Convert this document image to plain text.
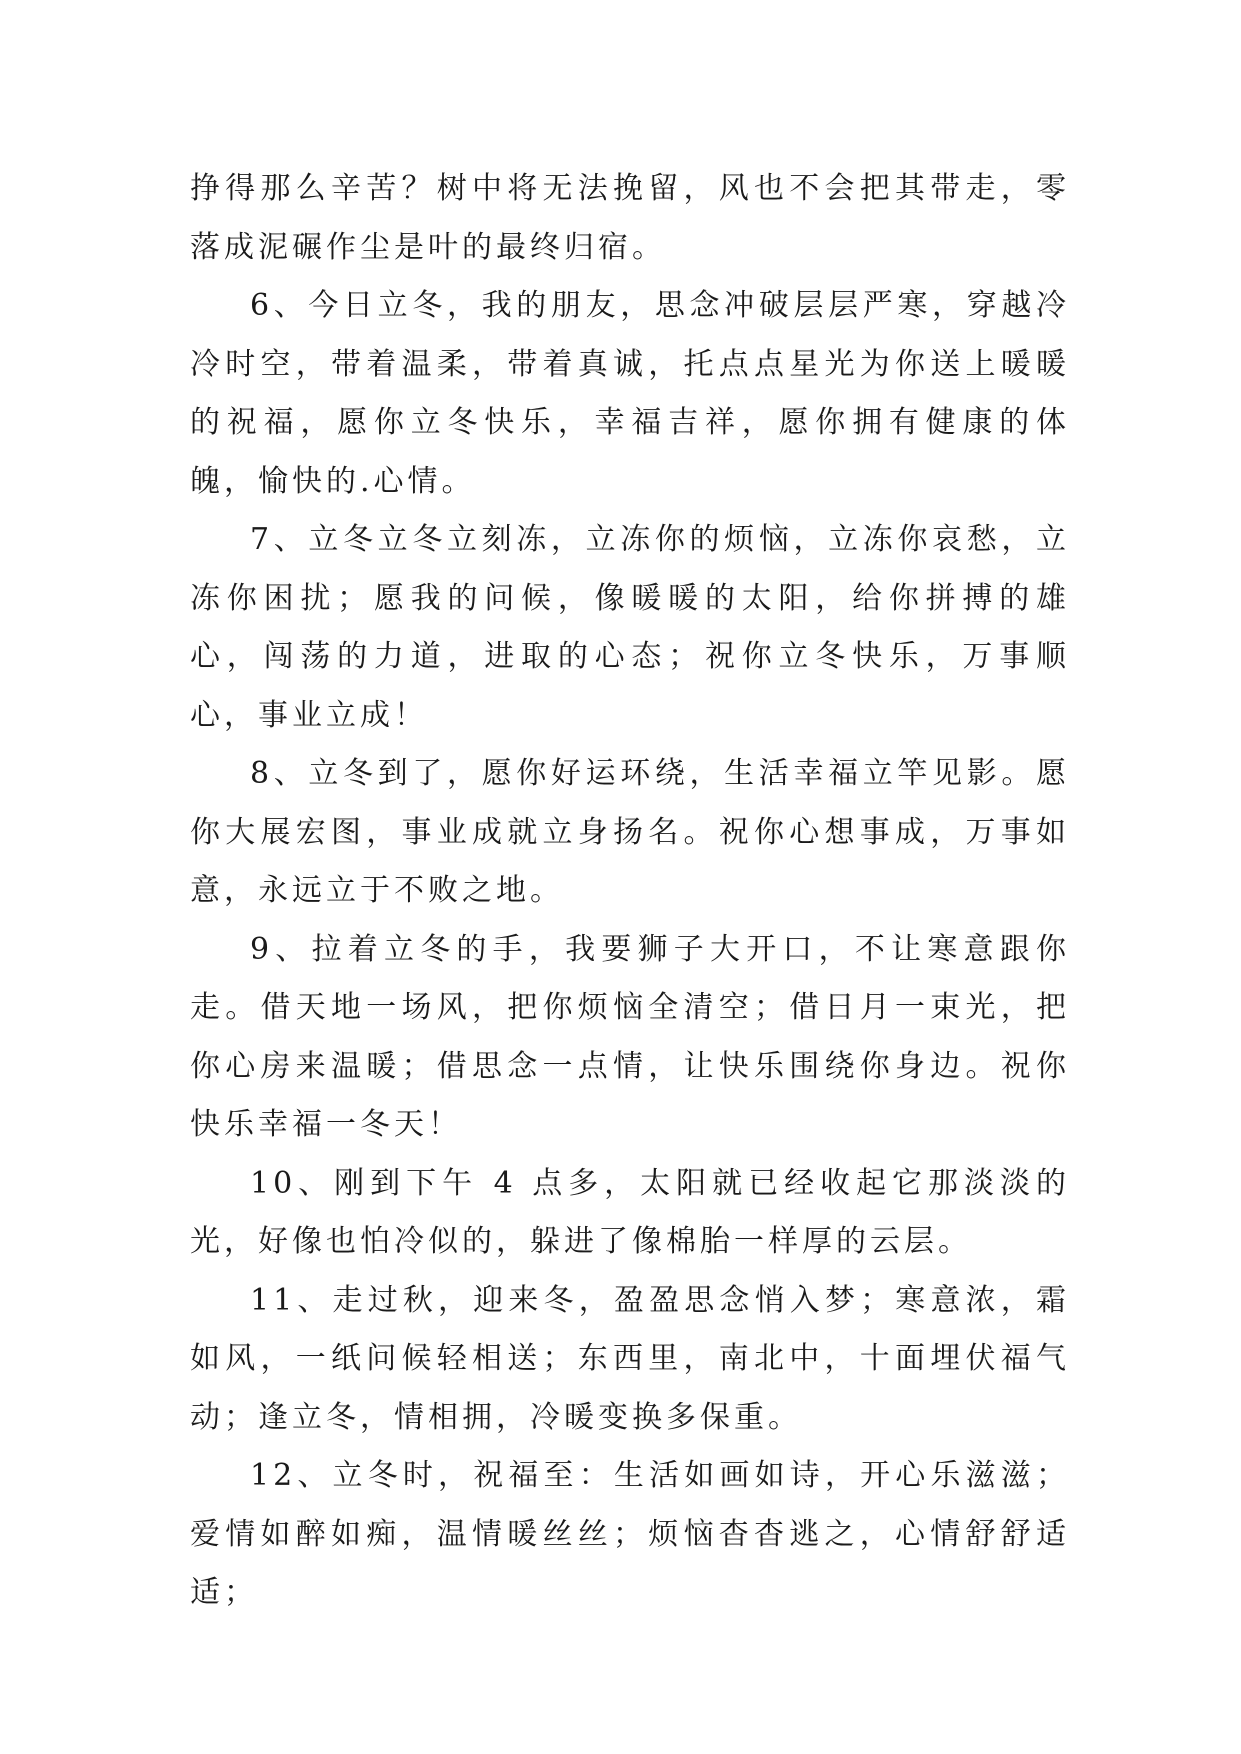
挣得那么辛苦？树中将无法挽留，风也不会把其带走，零落成泥碾作尘是叶的最终归宿。

6、今日立冬，我的朋友，思念冲破层层严寒，穿越冷冷时空，带着温柔，带着真诚，托点点星光为你送上暖暖的祝福，愿你立冬快乐，幸福吉祥，愿你拥有健康的体魄，愉快的.心情。

7、立冬立冬立刻冻，立冻你的烦恼，立冻你哀愁，立冻你困扰；愿我的问候，像暖暖的太阳，给你拼搏的雄心，闯荡的力道，进取的心态；祝你立冬快乐，万事顺心，事业立成！

8、立冬到了，愿你好运环绕，生活幸福立竿见影。愿你大展宏图，事业成就立身扬名。祝你心想事成，万事如意，永远立于不败之地。

9、拉着立冬的手，我要狮子大开口，不让寒意跟你走。借天地一场风，把你烦恼全清空；借日月一束光，把你心房来温暖；借思念一点情，让快乐围绕你身边。祝你快乐幸福一冬天！

10、刚到下午 4 点多，太阳就已经收起它那淡淡的光，好像也怕冷似的，躲进了像棉胎一样厚的云层。

11、走过秋，迎来冬，盈盈思念悄入梦；寒意浓，霜如风，一纸问候轻相送；东西里，南北中，十面埋伏福气动；逢立冬，情相拥，冷暖变换多保重。

12、立冬时，祝福至：生活如画如诗，开心乐滋滋；爱情如醉如痴，温情暖丝丝；烦恼杳杳逃之，心情舒舒适适；
